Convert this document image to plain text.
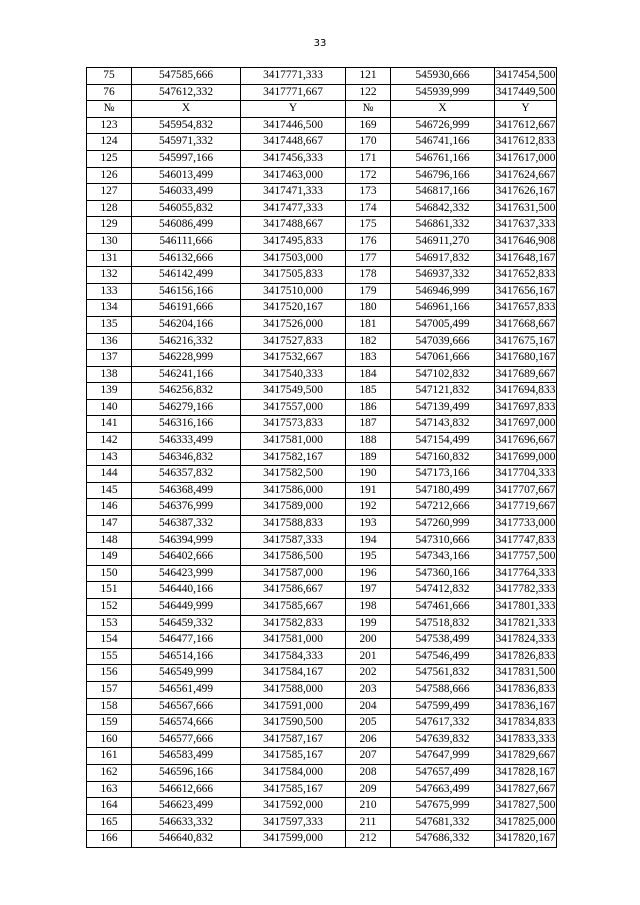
33
75	547585,666	3417771,333	121	545930,666	3417454,500
76	547612,332	3417771,667	122	545939,999	3417449,500
№	X	Y	№	X	Y
123	545954,832	3417446,500	169	546726,999	3417612,667
124	545971,332	3417448,667	170	546741,166	3417612,833
125	545997,166	3417456,333	171	546761,166	3417617,000
126	546013,499	3417463,000	172	546796,166	3417624,667
127	546033,499	3417471,333	173	546817,166	3417626,167
128	546055,832	3417477,333	174	546842,332	3417631,500
129	546086,499	3417488,667	175	546861,332	3417637,333
130	546111,666	3417495,833	176	546911,270	3417646,908
131	546132,666	3417503,000	177	546917,832	3417648,167
132	546142,499	3417505,833	178	546937,332	3417652,833
133	546156,166	3417510,000	179	546946,999	3417656,167
134	546191,666	3417520,167	180	546961,166	3417657,833
135	546204,166	3417526,000	181	547005,499	3417668,667
136	546216,332	3417527,833	182	547039,666	3417675,167
137	546228,999	3417532,667	183	547061,666	3417680,167
138	546241,166	3417540,333	184	547102,832	3417689,667
139	546256,832	3417549,500	185	547121,832	3417694,833
140	546279,166	3417557,000	186	547139,499	3417697,833
141	546316,166	3417573,833	187	547143,832	3417697,000
142	546333,499	3417581,000	188	547154,499	3417696,667
143	546346,832	3417582,167	189	547160,832	3417699,000
144	546357,832	3417582,500	190	547173,166	3417704,333
145	546368,499	3417586,000	191	547180,499	3417707,667
146	546376,999	3417589,000	192	547212,666	3417719,667
147	546387,332	3417588,833	193	547260,999	3417733,000
148	546394,999	3417587,333	194	547310,666	3417747,833
149	546402,666	3417586,500	195	547343,166	3417757,500
150	546423,999	3417587,000	196	547360,166	3417764,333
151	546440,166	3417586,667	197	547412,832	3417782,333
152	546449,999	3417585,667	198	547461,666	3417801,333
153	546459,332	3417582,833	199	547518,832	3417821,333
154	546477,166	3417581,000	200	547538,499	3417824,333
155	546514,166	3417584,333	201	547546,499	3417826,833
156	546549,999	3417584,167	202	547561,832	3417831,500
157	546561,499	3417588,000	203	547588,666	3417836,833
158	546567,666	3417591,000	204	547599,499	3417836,167
159	546574,666	3417590,500	205	547617,332	3417834,833
160	546577,666	3417587,167	206	547639,832	3417833,333
161	546583,499	3417585,167	207	547647,999	3417829,667
162	546596,166	3417584,000	208	547657,499	3417828,167
163	546612,666	3417585,167	209	547663,499	3417827,667
164	546623,499	3417592,000	210	547675,999	3417827,500
165	546633,332	3417597,333	211	547681,332	3417825,000
166	546640,832	3417599,000	212	547686,332	3417820,167
